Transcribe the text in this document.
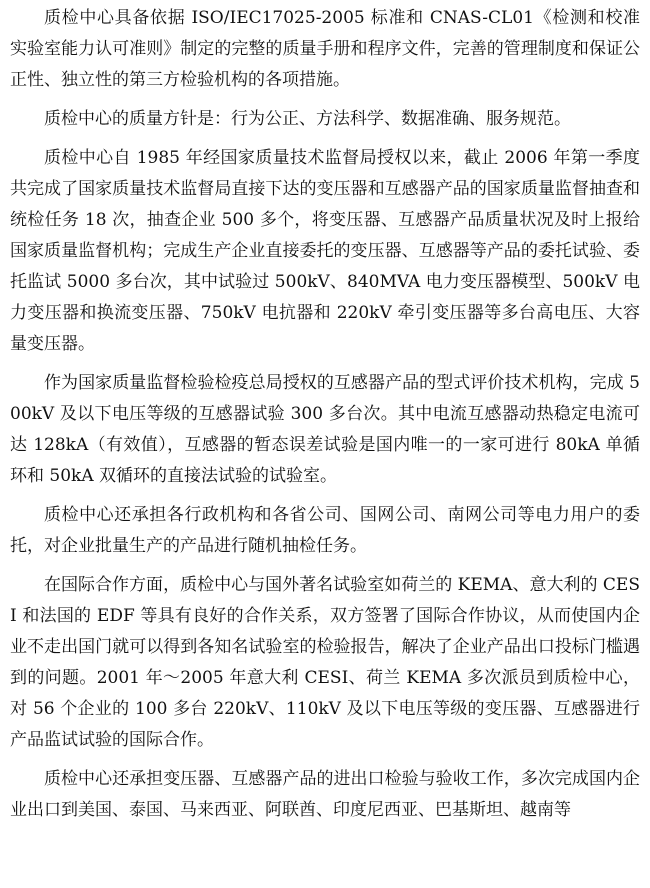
质检中心具备依据 ISO/IEC17025-2005 标准和 CNAS-CL01《检测和校准实验室能力认可准则》制定的完整的质量手册和程序文件，完善的管理制度和保证公正性、独立性的第三方检验机构的各项措施。

质检中心的质量方针是：行为公正、方法科学、数据准确、服务规范。

质检中心自 1985 年经国家质量技术监督局授权以来，截止 2006 年第一季度共完成了国家质量技术监督局直接下达的变压器和互感器产品的国家质量监督抽查和统检任务 18 次，抽查企业 500 多个，将变压器、互感器产品质量状况及时上报给国家质量监督机构；完成生产企业直接委托的变压器、互感器等产品的委托试验、委托监试 5000 多台次，其中试验过 500kV、840MVA 电力变压器模型、500kV 电力变压器和换流变压器、750kV 电抗器和 220kV 牵引变压器等多台高电压、大容量变压器。

作为国家质量监督检验检疫总局授权的互感器产品的型式评价技术机构，完成 500kV 及以下电压等级的互感器试验 300 多台次。其中电流互感器动热稳定电流可达 128kA（有效值），互感器的暂态误差试验是国内唯一的一家可进行 80kA 单循环和 50kA 双循环的直接法试验的试验室。

质检中心还承担各行政机构和各省公司、国网公司、南网公司等电力用户的委托，对企业批量生产的产品进行随机抽检任务。

在国际合作方面，质检中心与国外著名试验室如荷兰的 KEMA、意大利的 CESI 和法国的 EDF 等具有良好的合作关系，双方签署了国际合作协议，从而使国内企业不走出国门就可以得到各知名试验室的检验报告，解决了企业产品出口投标门槛遇到的问题。2001 年～2005 年意大利 CESI、荷兰 KEMA 多次派员到质检中心，对 56 个企业的 100 多台 220kV、110kV 及以下电压等级的变压器、互感器进行产品监试试验的国际合作。

质检中心还承担变压器、互感器产品的进出口检验与验收工作，多次完成国内企业出口到美国、泰国、马来西亚、阿联酋、印度尼西亚、巴基斯坦、越南等
